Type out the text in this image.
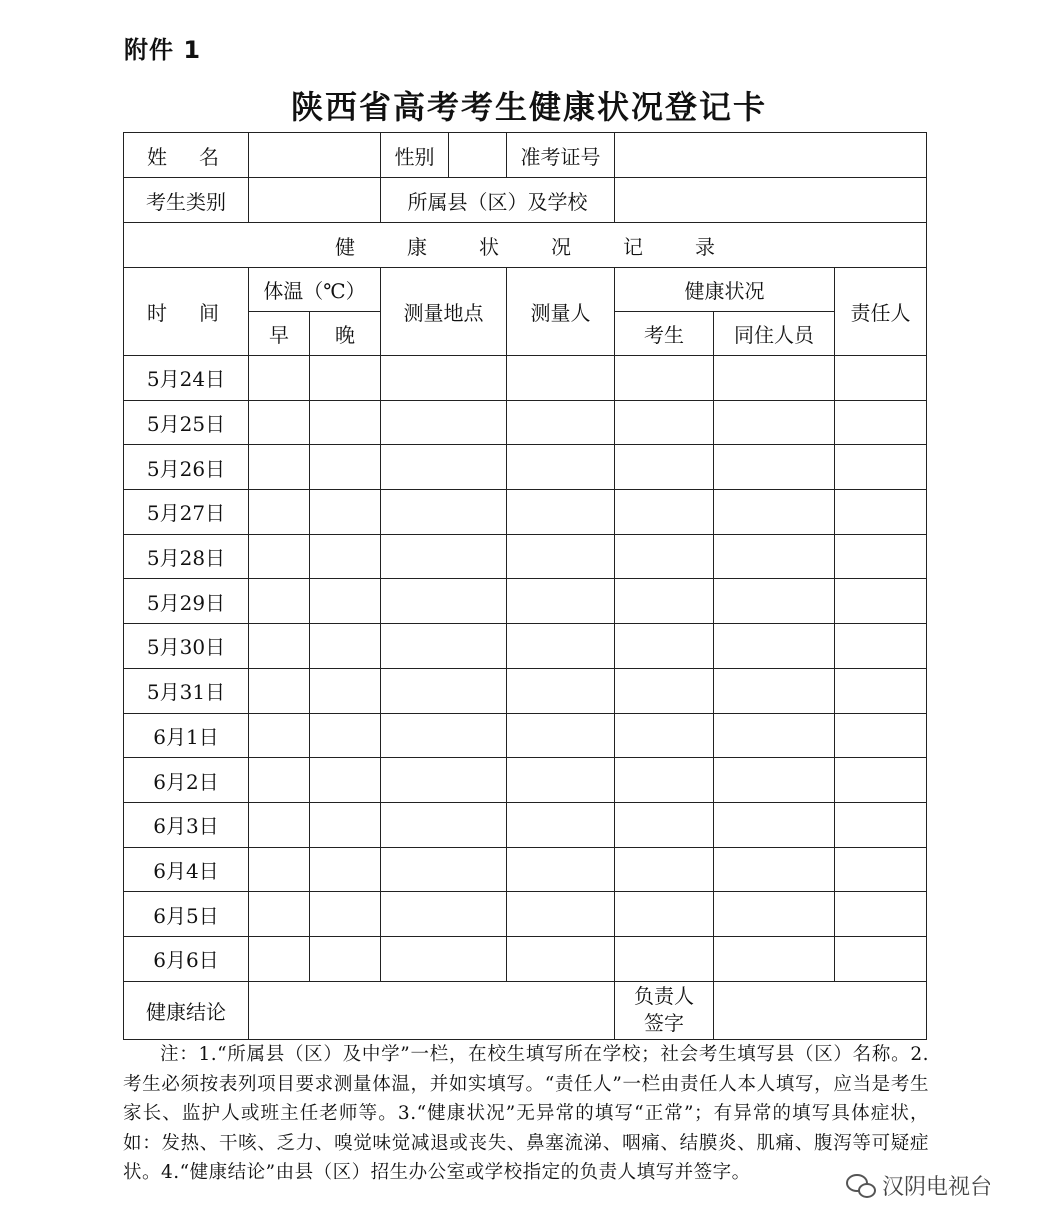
附件 1
陕西省高考考生健康状况登记卡
姓　名			性别		准考证号			
考生类别			所属县（区）及学校					
健康状况记录								
时　间	体温（℃）		测量地点		测量人	健康状况		责任人
	早	晚				考生	同住人员	
5月24日								
5月25日								
5月26日								
5月27日								
5月28日								
5月29日								
5月30日								
5月31日								
6月1日								
6月2日								
6月3日								
6月4日								
6月5日								
6月6日								
健康结论						负责人
签字		

注：1.“所属县（区）及中学”一栏，在校生填写所在学校；社会考生填写县（区）名称。2. 考生必须按表列项目要求测量体温，并如实填写。“责任人”一栏由责任人本人填写，应当是考生家长、监护人或班主任老师等。3.“健康状况”无异常的填写“正常”；有异常的填写具体症状，如：发热、干咳、乏力、嗅觉味觉减退或丧失、鼻塞流涕、咽痛、结膜炎、肌痛、腹泻等可疑症状。4.“健康结论”由县（区）招生办公室或学校指定的负责人填写并签字。

汉阴电视台
